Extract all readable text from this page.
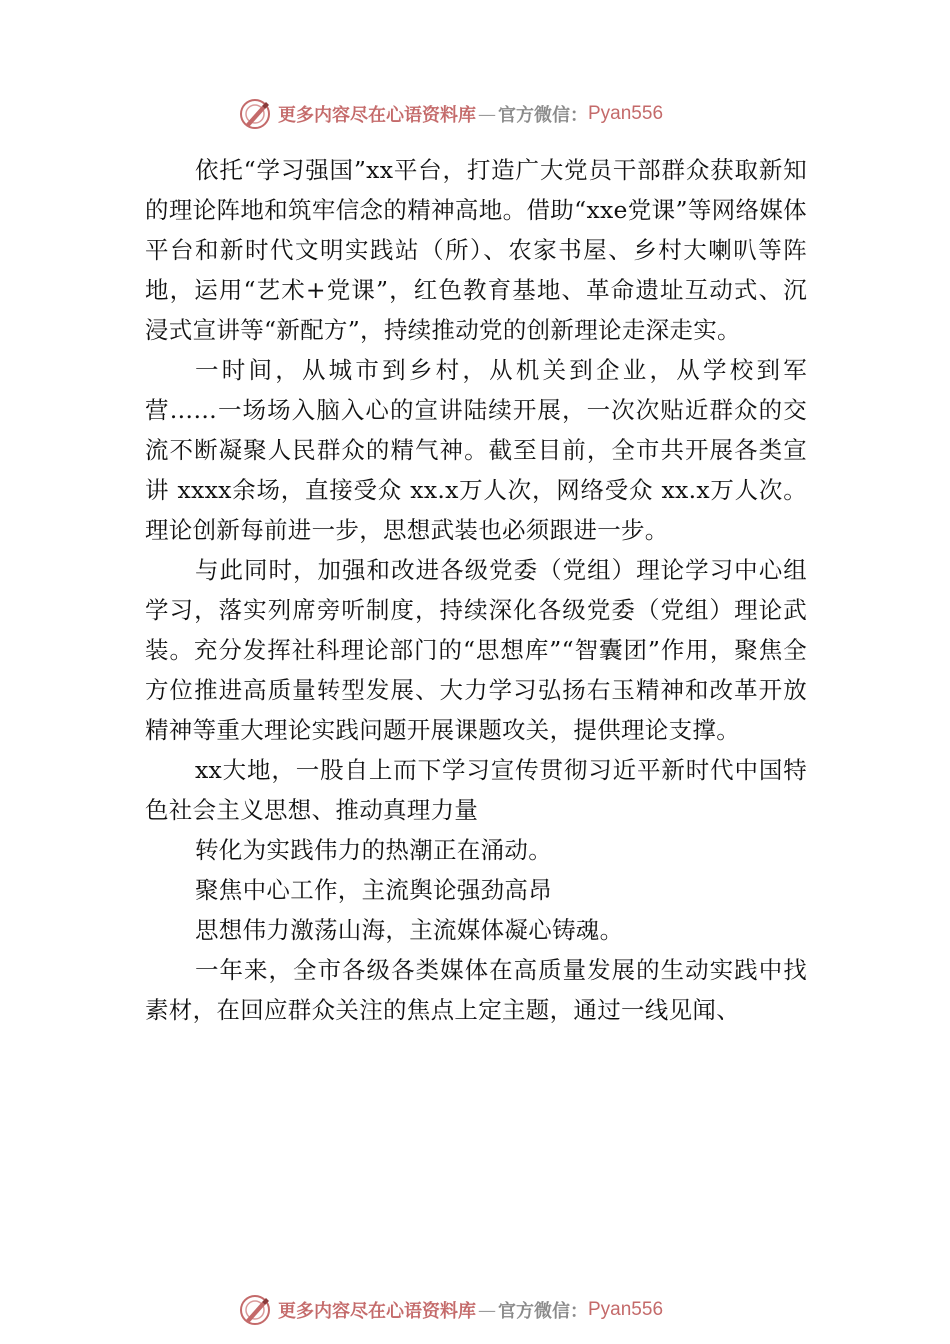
更多内容尽在心语资料库 — 官方微信： Pyan556

依托“学习强国”xx平台，打造广大党员干部群众获取新知的理论阵地和筑牢信念的精神高地。借助“xxe党课”等网络媒体平台和新时代文明实践站（所）、农家书屋、乡村大喇叭等阵地，运用“艺术+党课”，红色教育基地、革命遗址互动式、沉浸式宣讲等“新配方”，持续推动党的创新理论走深走实。

一时间，从城市到乡村，从机关到企业，从学校到军营……一场场入脑入心的宣讲陆续开展，一次次贴近群众的交流不断凝聚人民群众的精气神。截至目前，全市共开展各类宣讲 xxxx余场，直接受众 xx.x万人次，网络受众 xx.x万人次。理论创新每前进一步，思想武装也必须跟进一步。

与此同时，加强和改进各级党委（党组）理论学习中心组学习，落实列席旁听制度，持续深化各级党委（党组）理论武装。充分发挥社科理论部门的“思想库”“智囊团”作用，聚焦全方位推进高质量转型发展、大力学习弘扬右玉精神和改革开放精神等重大理论实践问题开展课题攻关，提供理论支撑。

xx大地，一股自上而下学习宣传贯彻习近平新时代中国特色社会主义思想、推动真理力量

转化为实践伟力的热潮正在涌动。

聚焦中心工作，主流舆论强劲高昂

思想伟力激荡山海，主流媒体凝心铸魂。

一年来，全市各级各类媒体在高质量发展的生动实践中找素材，在回应群众关注的焦点上定主题，通过一线见闻、

更多内容尽在心语资料库 — 官方微信： Pyan556
